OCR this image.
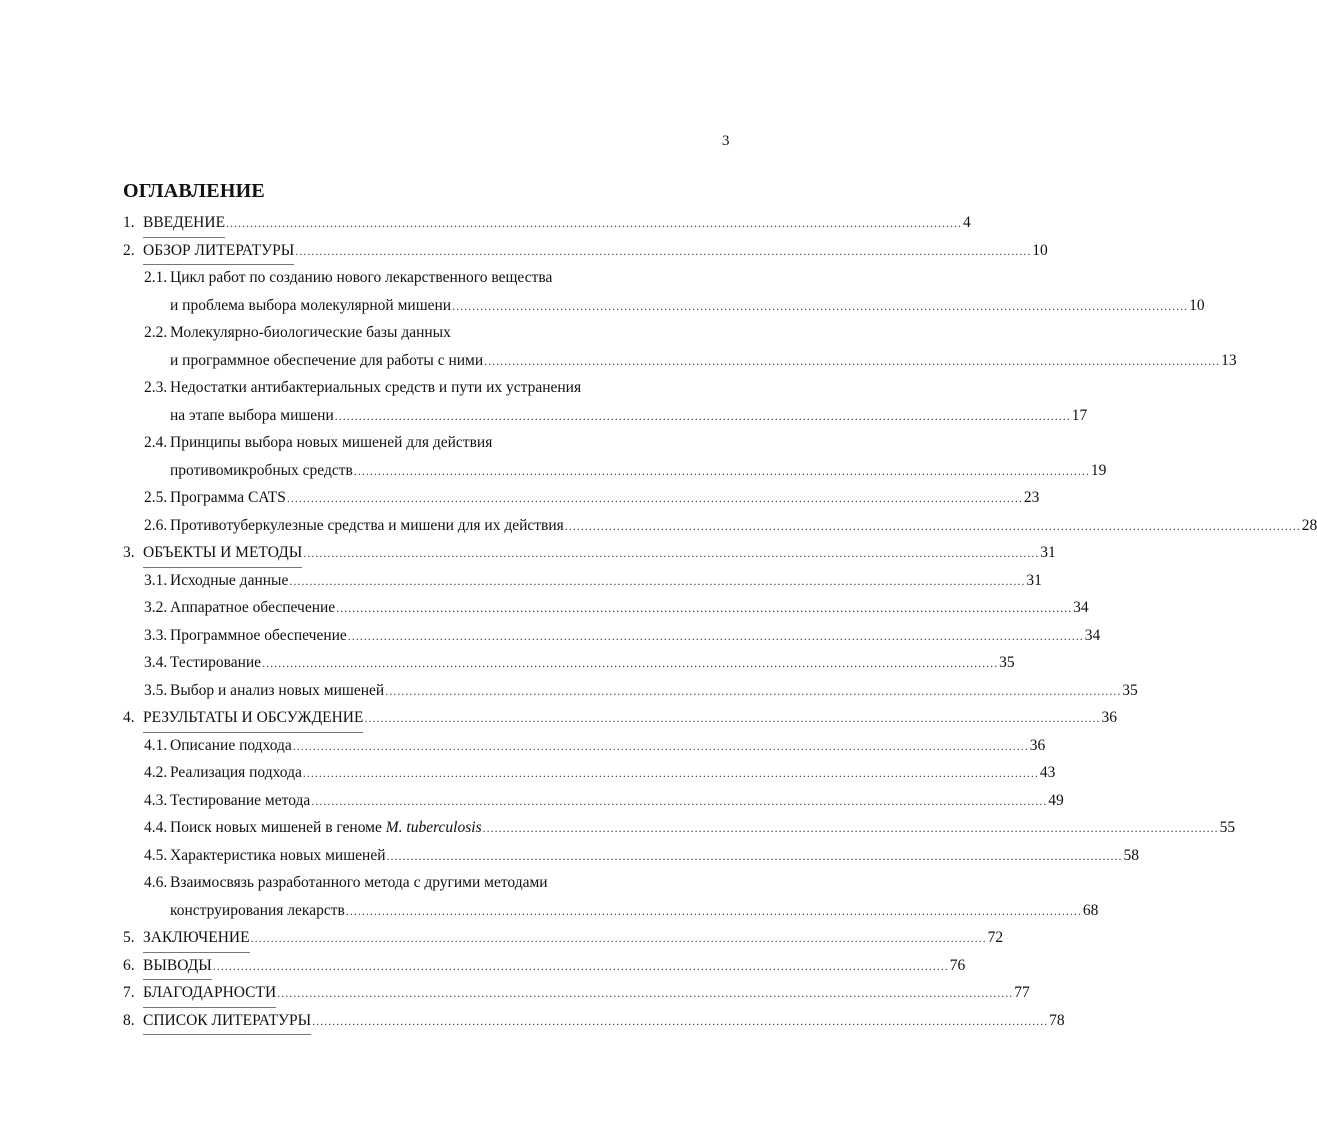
3
ОГЛАВЛЕНИЕ
1. ВВЕДЕНИЕ ........................................................................................................................................................................................ 4
2. ОБЗОР ЛИТЕРАТУРЫ ........................................................................................................................................................................................ 10
2.1. Цикл работ по созданию нового лекарственного вещества
и проблема выбора молекулярной мишени ........................................................................................................................................................................................ 10
2.2. Молекулярно-биологические базы данных
и программное обеспечение для работы с ними ........................................................................................................................................................................................ 13
2.3. Недостатки антибактериальных средств и пути их устранения
на этапе выбора мишени ........................................................................................................................................................................................ 17
2.4. Принципы выбора новых мишеней для действия
противомикробных средств ........................................................................................................................................................................................ 19
2.5. Программа CATS ........................................................................................................................................................................................ 23
2.6. Противотуберкулезные средства и мишени для их действия ........................................................................................................................................................................................ 28
3. ОБЪЕКТЫ И МЕТОДЫ ........................................................................................................................................................................................ 31
3.1. Исходные данные ........................................................................................................................................................................................ 31
3.2. Аппаратное обеспечение ........................................................................................................................................................................................ 34
3.3. Программное обеспечение ........................................................................................................................................................................................ 34
3.4. Тестирование ........................................................................................................................................................................................ 35
3.5. Выбор и анализ новых мишеней ........................................................................................................................................................................................ 35
4. РЕЗУЛЬТАТЫ И ОБСУЖДЕНИЕ ........................................................................................................................................................................................ 36
4.1. Описание подхода ........................................................................................................................................................................................ 36
4.2. Реализация подхода ........................................................................................................................................................................................ 43
4.3. Тестирование метода ........................................................................................................................................................................................ 49
4.4. Поиск новых мишеней в геноме M. tuberculosis ........................................................................................................................................................................................ 55
4.5. Характеристика новых мишеней ........................................................................................................................................................................................ 58
4.6. Взаимосвязь разработанного метода с другими методами
конструирования лекарств ........................................................................................................................................................................................ 68
5. ЗАКЛЮЧЕНИЕ ........................................................................................................................................................................................ 72
6. ВЫВОДЫ ........................................................................................................................................................................................ 76
7. БЛАГОДАРНОСТИ ........................................................................................................................................................................................ 77
8. СПИСОК ЛИТЕРАТУРЫ ........................................................................................................................................................................................ 78
